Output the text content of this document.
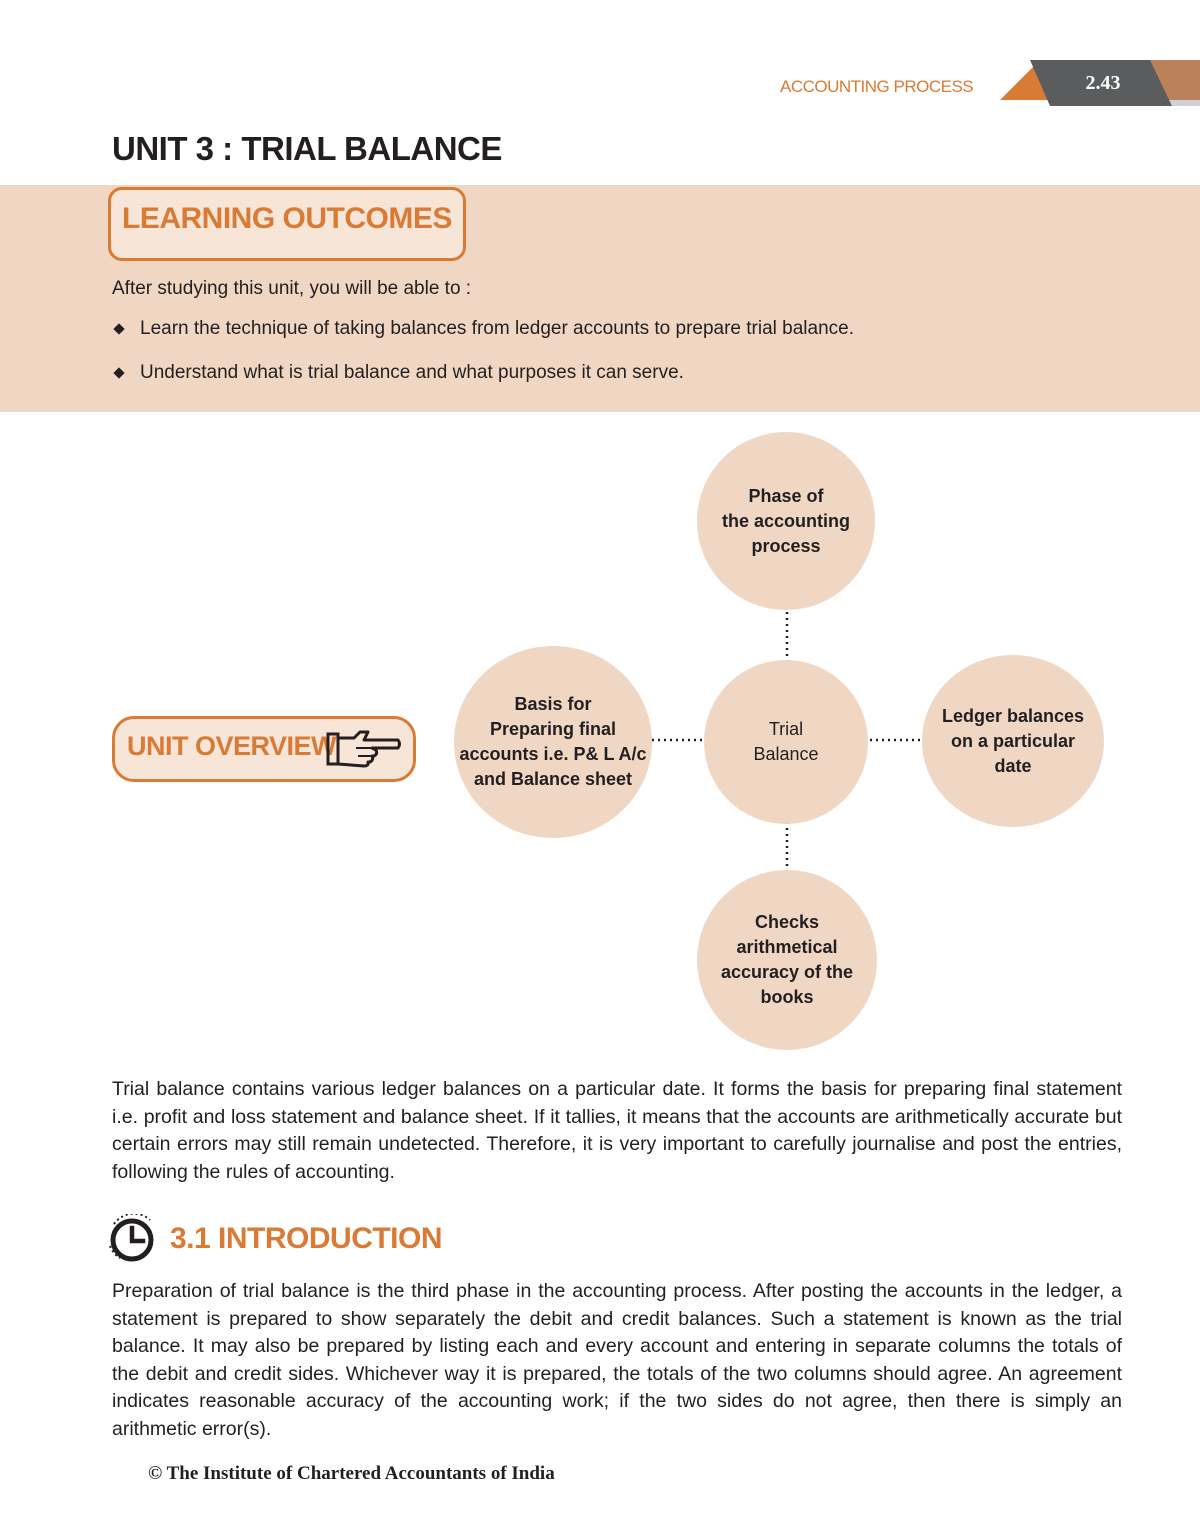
ACCOUNTING PROCESS	2.43
UNIT 3 : TRIAL BALANCE
LEARNING OUTCOMES
After studying this unit, you will be able to :
Learn the technique of taking balances from ledger accounts to prepare trial balance.
Understand what is trial balance and what purposes it can serve.
UNIT OVERVIEW
Phase of
the accounting
process
Trial
Balance
Basis for
Preparing final
accounts i.e. P& L A/c
and Balance sheet
Ledger balances
on a particular
date
Checks
arithmetical
accuracy of the
books

Trial balance contains various ledger balances on a particular date. It forms the basis for preparing final statement i.e. profit and loss statement and balance sheet. If it tallies, it means that the accounts are arithmetically accurate but certain errors may still remain undetected. Therefore, it is very important to carefully journalise and post the entries, following the rules of accounting.

3.1 INTRODUCTION

Preparation of trial balance is the third phase in the accounting process. After posting the accounts in the ledger, a statement is prepared to show separately the debit and credit balances. Such a statement is known as the trial balance. It may also be prepared by listing each and every account and entering in separate columns the totals of the debit and credit sides. Whichever way it is prepared, the totals of the two columns should agree. An agreement indicates reasonable accuracy of the accounting work; if the two sides do not agree, then there is simply an arithmetic error(s).

© The Institute of Chartered Accountants of India
